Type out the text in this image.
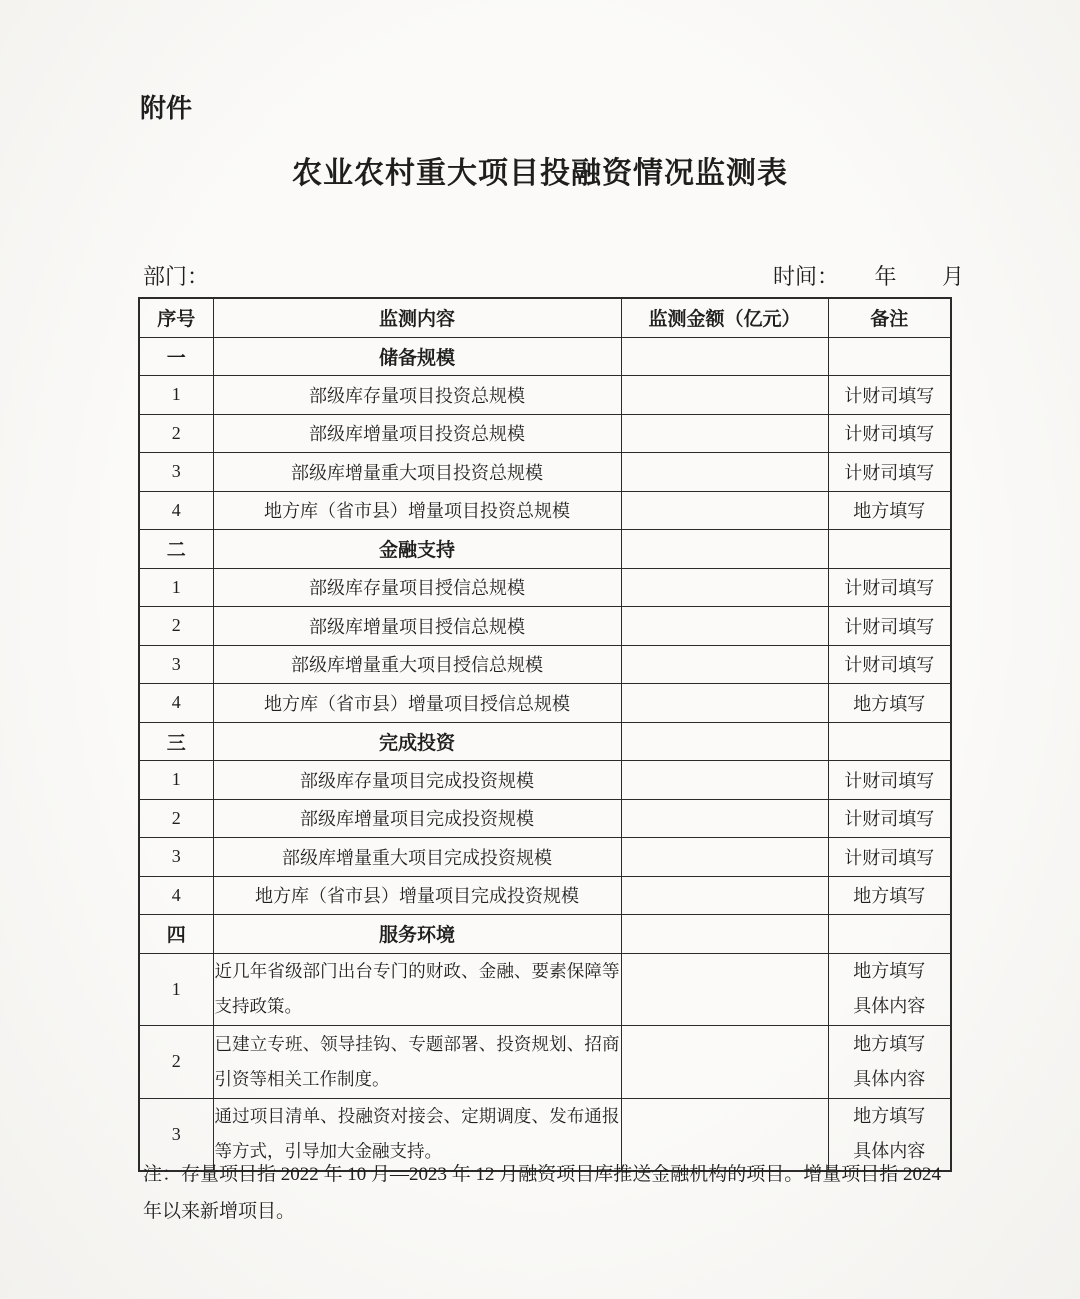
附件
农业农村重大项目投融资情况监测表
部门：	时间： 年 月
序号	监测内容	监测金额（亿元）	备注
一	储备规模		
1	部级库存量项目投资总规模		计财司填写
2	部级库增量项目投资总规模		计财司填写
3	部级库增量重大项目投资总规模		计财司填写
4	地方库（省市县）增量项目投资总规模		地方填写
二	金融支持		
1	部级库存量项目授信总规模		计财司填写
2	部级库增量项目授信总规模		计财司填写
3	部级库增量重大项目授信总规模		计财司填写
4	地方库（省市县）增量项目授信总规模		地方填写
三	完成投资		
1	部级库存量项目完成投资规模		计财司填写
2	部级库增量项目完成投资规模		计财司填写
3	部级库增量重大项目完成投资规模		计财司填写
4	地方库（省市县）增量项目完成投资规模		地方填写
四	服务环境		
1	近几年省级部门出台专门的财政、金融、要素保障等支持政策。		地方填写
具体内容

2	已建立专班、领导挂钩、专题部署、投资规划、招商引资等相关工作制度。		地方填写
具体内容

3	通过项目清单、投融资对接会、定期调度、发布通报等方式，引导加大金融支持。		地方填写
具体内容
注：存量项目指 2022 年 10 月—2023 年 12 月融资项目库推送金融机构的项目。增量项目指 2024
年以来新增项目。
